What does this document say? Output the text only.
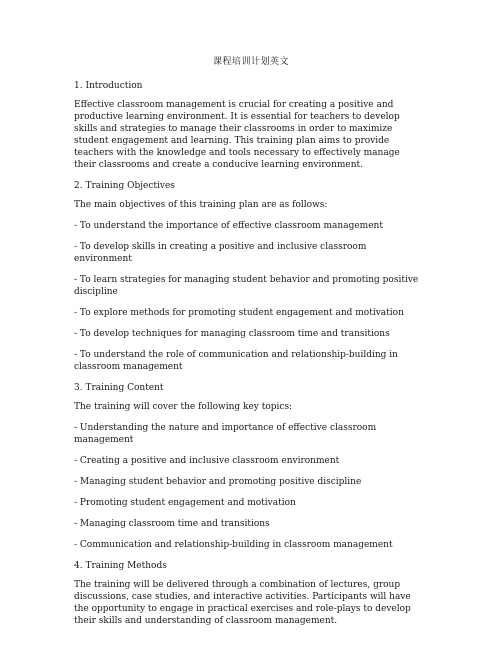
课程培训计划英文
1. Introduction
Effective classroom management is crucial for creating a positive and productive learning environment. It is essential for teachers to develop skills and strategies to manage their classrooms in order to maximize student engagement and learning. This training plan aims to provide teachers with the knowledge and tools necessary to effectively manage their classrooms and create a conducive learning environment.
2. Training Objectives
The main objectives of this training plan are as follows:
- To understand the importance of effective classroom management
- To develop skills in creating a positive and inclusive classroom environment
- To learn strategies for managing student behavior and promoting positive discipline
- To explore methods for promoting student engagement and motivation
- To develop techniques for managing classroom time and transitions
- To understand the role of communication and relationship-building in classroom management
3. Training Content
The training will cover the following key topics:
- Understanding the nature and importance of effective classroom management
- Creating a positive and inclusive classroom environment
- Managing student behavior and promoting positive discipline
- Promoting student engagement and motivation
- Managing classroom time and transitions
- Communication and relationship-building in classroom management
4. Training Methods
The training will be delivered through a combination of lectures, group discussions, case studies, and interactive activities. Participants will have the opportunity to engage in practical exercises and role-plays to develop their skills and understanding of classroom management.
